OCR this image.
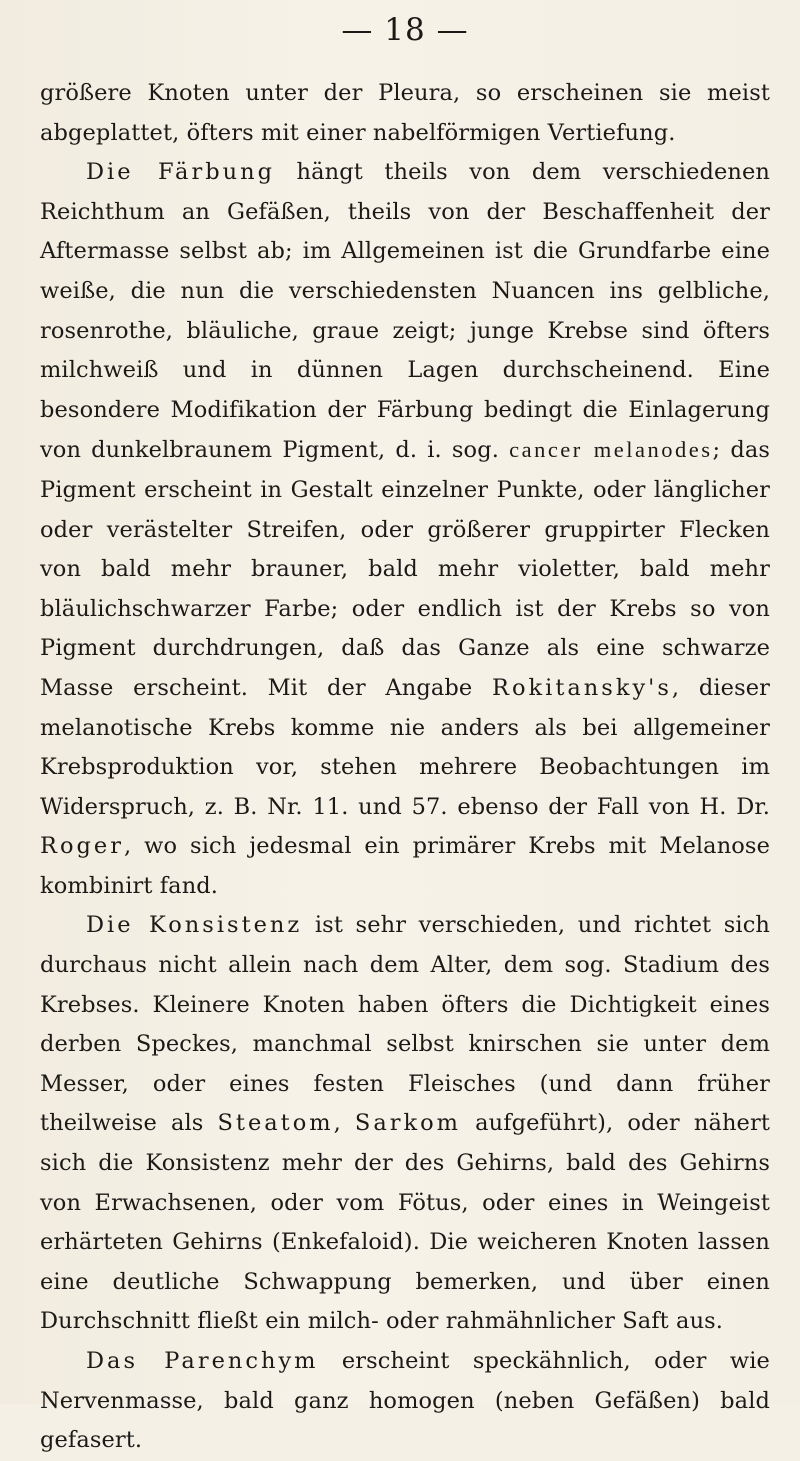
— 18 —

größere Knoten unter der Pleura, so erscheinen sie meist abgeplattet, öfters mit einer nabelförmigen Vertiefung.

Die Färbung hängt theils von dem verschiedenen Reichthum an Gefäßen, theils von der Beschaffenheit der Aftermasse selbst ab; im Allgemeinen ist die Grundfarbe eine weiße, die nun die verschiedensten Nuancen ins gelbliche, rosenrothe, bläuliche, graue zeigt; junge Krebse sind öfters milchweiß und in dünnen Lagen durchscheinend. Eine besondere Modifikation der Färbung bedingt die Einlagerung von dunkelbraunem Pigment, d. i. sog. cancer melanodes; das Pigment erscheint in Gestalt einzelner Punkte, oder länglicher oder verästelter Streifen, oder größerer gruppirter Flecken von bald mehr brauner, bald mehr violetter, bald mehr bläulichschwarzer Farbe; oder endlich ist der Krebs so von Pigment durchdrungen, daß das Ganze als eine schwarze Masse erscheint. Mit der Angabe Rokitansky's, dieser melanotische Krebs komme nie anders als bei allgemeiner Krebsproduktion vor, stehen mehrere Beobachtungen im Widerspruch, z. B. Nr. 11. und 57. ebenso der Fall von H. Dr. Roger, wo sich jedesmal ein primärer Krebs mit Melanose kombinirt fand.

Die Konsistenz ist sehr verschieden, und richtet sich durchaus nicht allein nach dem Alter, dem sog. Stadium des Krebses. Kleinere Knoten haben öfters die Dichtigkeit eines derben Speckes, manchmal selbst knirschen sie unter dem Messer, oder eines festen Fleisches (und dann früher theilweise als Steatom, Sarkom aufgeführt), oder nähert sich die Konsistenz mehr der des Gehirns, bald des Gehirns von Erwachsenen, oder vom Fötus, oder eines in Weingeist erhärteten Gehirns (Enkefaloid). Die weicheren Knoten lassen eine deutliche Schwappung bemerken, und über einen Durchschnitt fließt ein milch- oder rahmähnlicher Saft aus.

Das Parenchym erscheint speckähnlich, oder wie Nervenmasse, bald ganz homogen (neben Gefäßen) bald gefasert.
